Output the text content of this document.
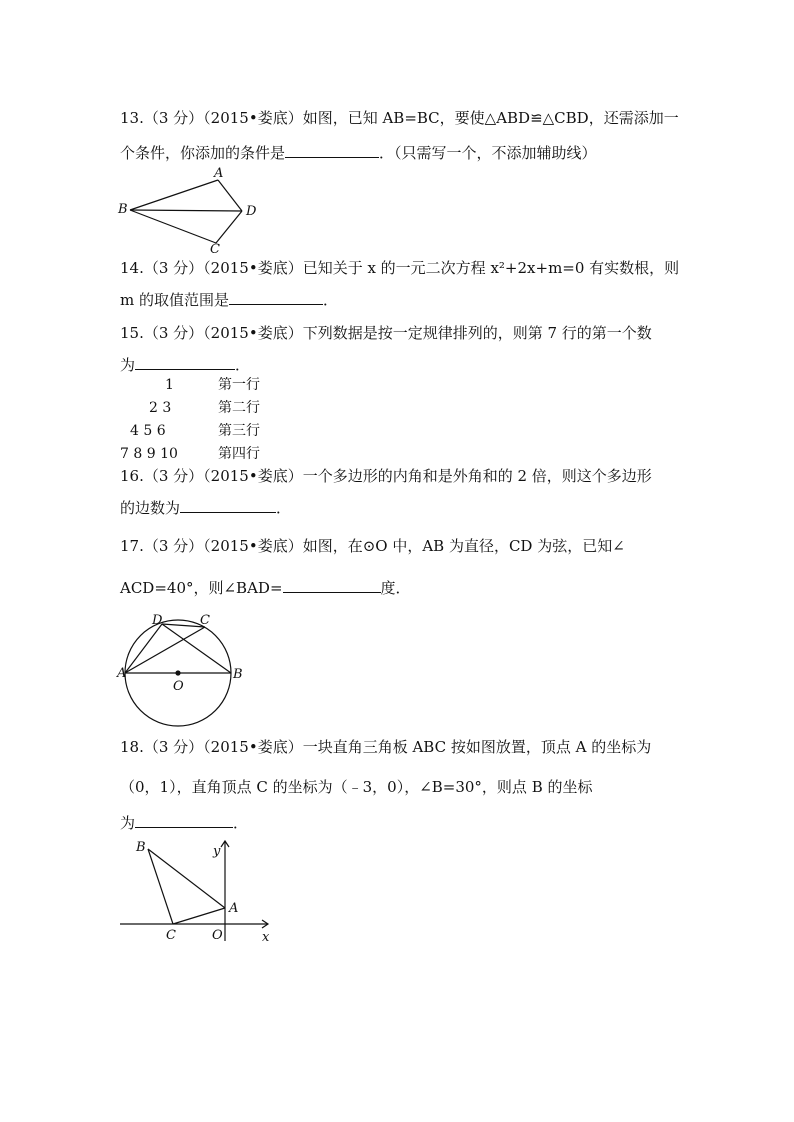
13.（3 分）（2015•娄底）如图，已知 AB=BC，要使△ABD≌△CBD，还需添加一
个条件，你添加的条件是	．（只需写一个，不添加辅助线）
A
B
C
D
14.（3 分）（2015•娄底）已知关于 x 的一元二次方程 x²+2x+m=0 有实数根，则
m 的取值范围是	．
15.（3 分）（2015•娄底）下列数据是按一定规律排列的，则第 7 行的第一个数
为	．
1	第一行
2 3	第二行
4 5 6	第三行
7 8 9 10	第四行
16.（3 分）（2015•娄底）一个多边形的内角和是外角和的 2 倍，则这个多边形
的边数为	．
17.（3 分）（2015•娄底）如图，在⊙O 中，AB 为直径，CD 为弦，已知∠
ACD=40°，则∠BAD=	度．
D	C
A	B
O
18.（3 分）（2015•娄底）一块直角三角板 ABC 按如图放置，顶点 A 的坐标为
（0，1），直角顶点 C 的坐标为（﹣3，0），∠B=30°，则点 B 的坐标
为	．
B	y
A
C	O	x
